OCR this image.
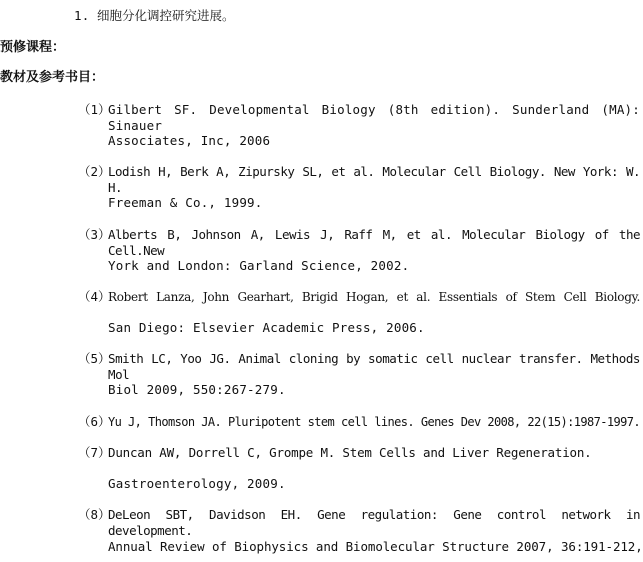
1. 细胞分化调控研究进展。
预修课程：
教材及参考书目：
（1）
Gilbert SF. Developmental Biology (8th edition). Sunderland (MA): Sinauer
Associates, Inc, 2006
（2）
Lodish H, Berk A, Zipursky SL, et al. Molecular Cell Biology. New York: W. H.
Freeman & Co., 1999.
（3）
Alberts B, Johnson A, Lewis J, Raff M, et al. Molecular Biology of the Cell.New
York and London: Garland Science, 2002.
（4）
Robert Lanza, John Gearhart, Brigid Hogan, et al. Essentials of Stem Cell Biology.
San Diego: Elsevier Academic Press, 2006.
（5）
Smith LC, Yoo JG. Animal cloning by somatic cell nuclear transfer. Methods Mol
Biol 2009, 550:267-279.
（6）
Yu J, Thomson JA. Pluripotent stem cell lines. Genes Dev 2008, 22(15):1987-1997.
（7）
Duncan AW, Dorrell C, Grompe M. Stem Cells and Liver Regeneration.
Gastroenterology, 2009.
（8）
DeLeon SBT, Davidson EH. Gene regulation: Gene control network in development.
Annual Review of Biophysics and Biomolecular Structure 2007, 36:191-212,
